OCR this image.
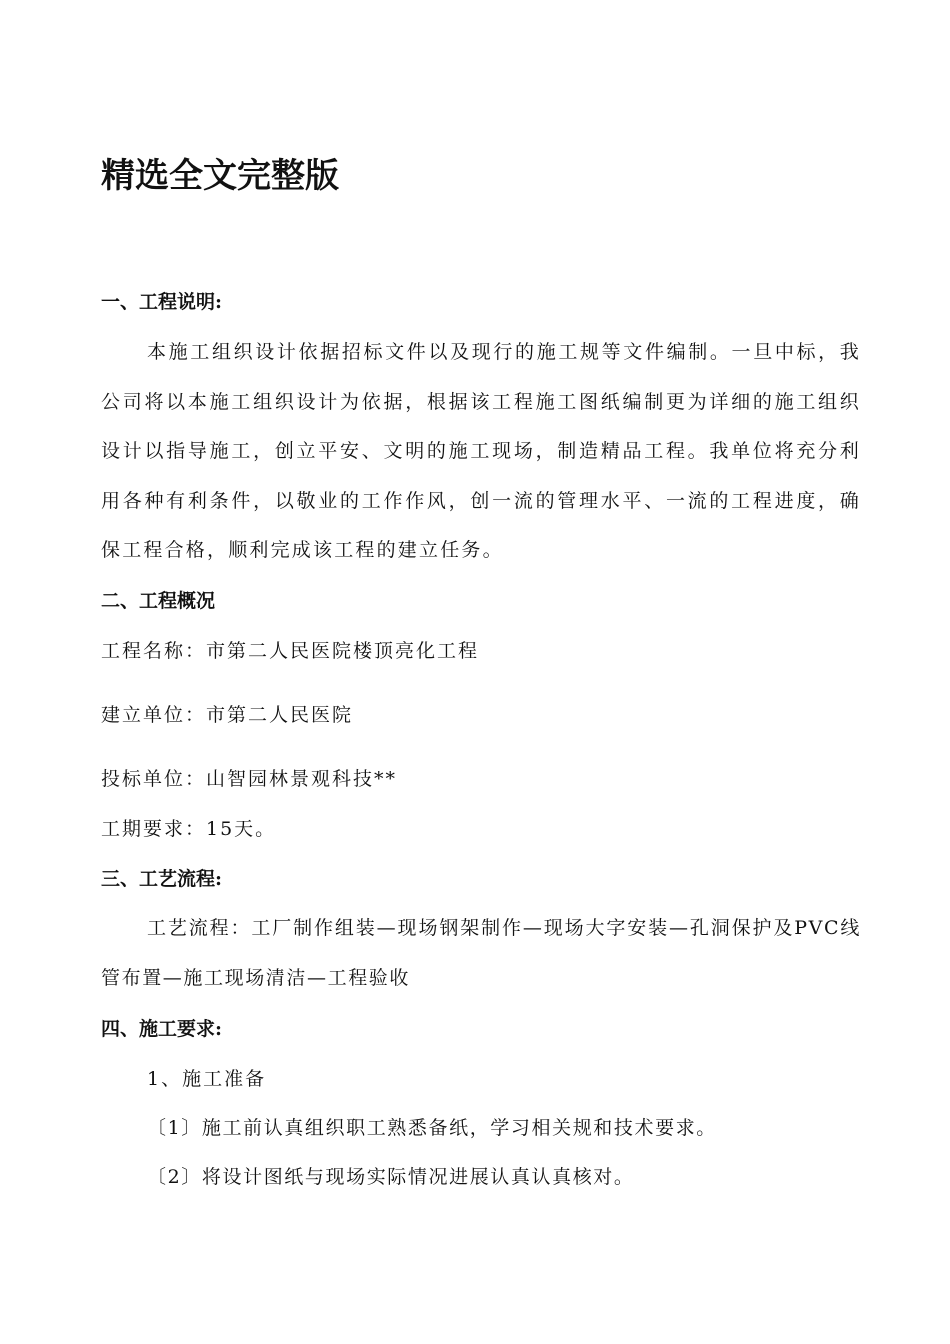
精选全文完整版

一、工程说明:

本施工组织设计依据招标文件以及现行的施工规等文件编制。一旦中标，我公司将以本施工组织设计为依据，根据该工程施工图纸编制更为详细的施工组织设计以指导施工，创立平安、文明的施工现场，制造精品工程。我单位将充分利用各种有利条件，以敬业的工作作风，创一流的管理水平、一流的工程进度，确保工程合格，顺利完成该工程的建立任务。

二、工程概况

工程名称：市第二人民医院楼顶亮化工程

建立单位：市第二人民医院

投标单位：山智园林景观科技**

工期要求：15天。

三、工艺流程:

工艺流程：工厂制作组装—现场钢架制作—现场大字安装—孔洞保护及PVC线管布置—施工现场清洁—工程验收

四、施工要求:

1、施工准备

〔1〕施工前认真组织职工熟悉备纸，学习相关规和技术要求。

〔2〕将设计图纸与现场实际情况进展认真认真核对。
